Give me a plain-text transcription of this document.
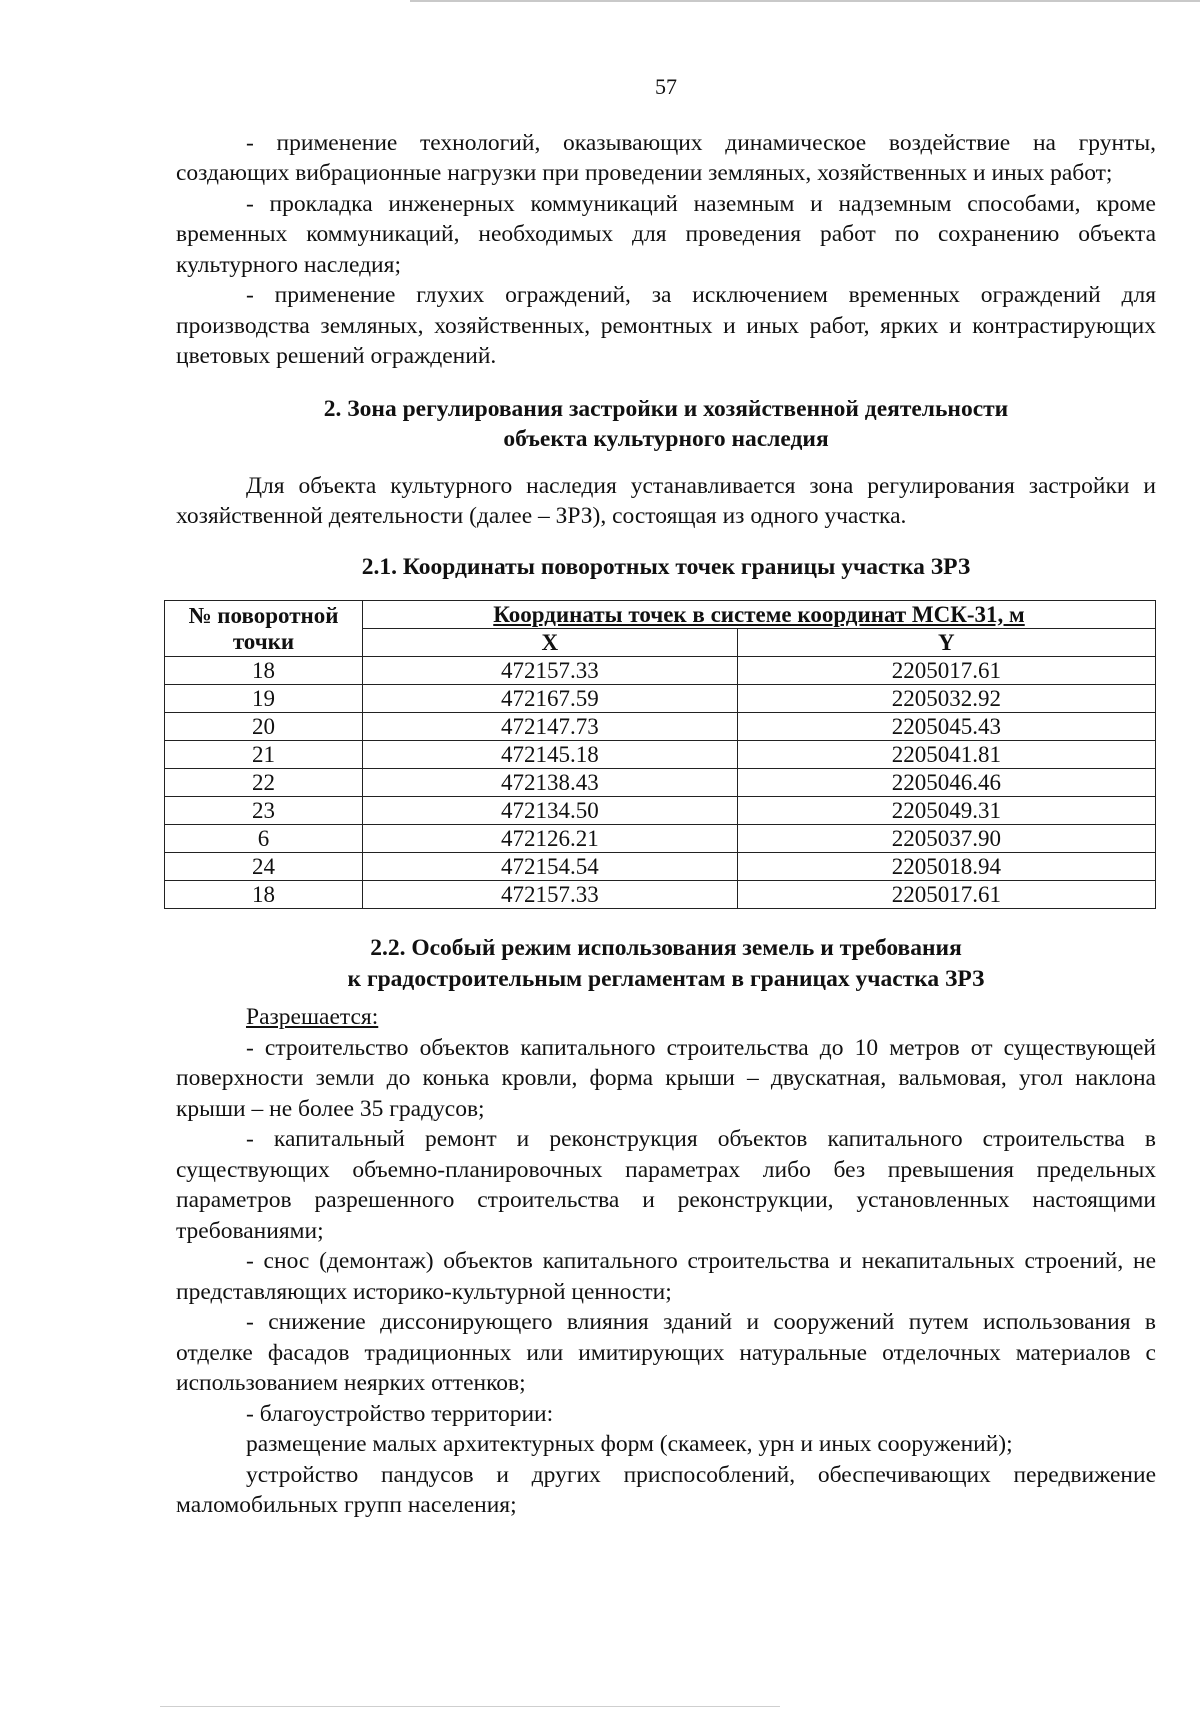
57

- применение технологий, оказывающих динамическое воздействие на грунты, создающих вибрационные нагрузки при проведении земляных, хозяйственных и иных работ;

- прокладка инженерных коммуникаций наземным и надземным способами, кроме временных коммуникаций, необходимых для проведения работ по сохранению объекта культурного наследия;

- применение глухих ограждений, за исключением временных ограждений для производства земляных, хозяйственных, ремонтных и иных работ, ярких и контрастирующих цветовых решений ограждений.

2. Зона регулирования застройки и хозяйственной деятельности
объекта культурного наследия

Для объекта культурного наследия устанавливается зона регулирования застройки и хозяйственной деятельности (далее – ЗРЗ), состоящая из одного участка.

2.1. Координаты поворотных точек границы участка ЗРЗ
№ поворотной
точки	Координаты точек в системе координат МСК-31, м	
	X	Y
18	472157.33	2205017.61
19	472167.59	2205032.92
20	472147.73	2205045.43
21	472145.18	2205041.81
22	472138.43	2205046.46
23	472134.50	2205049.31
6	472126.21	2205037.90
24	472154.54	2205018.94
18	472157.33	2205017.61
2.2. Особый режим использования земель и требования
к градостроительным регламентам в границах участка ЗРЗ

Разрешается:

- строительство объектов капитального строительства до 10 метров от существующей поверхности земли до конька кровли, форма крыши – двускатная, вальмовая, угол наклона крыши – не более 35 градусов;

- капитальный ремонт и реконструкция объектов капитального строительства в существующих объемно-планировочных параметрах либо без превышения предельных параметров разрешенного строительства и реконструкции, установленных настоящими требованиями;

- снос (демонтаж) объектов капитального строительства и некапитальных строений, не представляющих историко-культурной ценности;

- снижение диссонирующего влияния зданий и сооружений путем использования в отделке фасадов традиционных или имитирующих натуральные отделочных материалов с использованием неярких оттенков;

- благоустройство территории:

размещение малых архитектурных форм (скамеек, урн и иных сооружений);

устройство пандусов и других приспособлений, обеспечивающих передвижение маломобильных групп населения;
